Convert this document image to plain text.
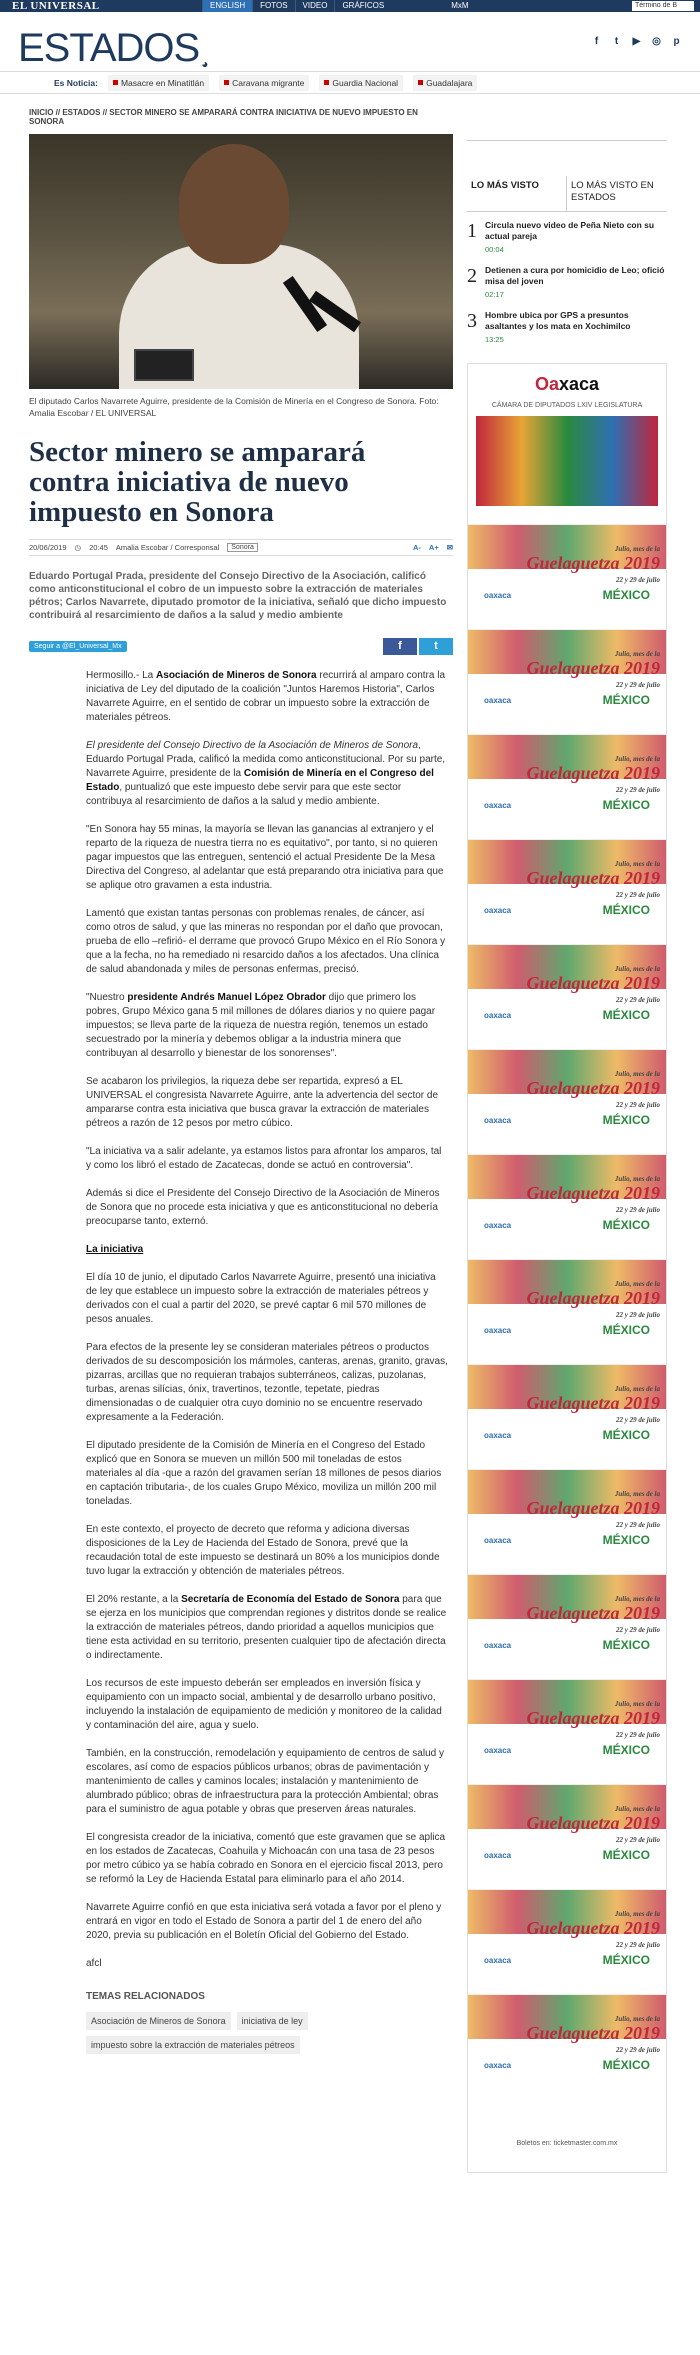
EL UNIVERSAL	ENGLISH	FOTOS	VIDEO	GRÁFICOS	MxM	Término de B
ESTADOS ◕
f	t	▶ ◎ p
Es Noticia:	Masacre en Minatitlán	Caravana migrante	Guardia Nacional	Guadalajara
INICIO // ESTADOS // SECTOR MINERO SE AMPARARÁ CONTRA INICIATIVA DE NUEVO IMPUESTO EN SONORA
El diputado Carlos Navarrete Aguirre, presidente de la Comisión de Minería en el Congreso de Sonora. Foto: Amalia Escobar / EL UNIVERSAL
Sector minero se amparará contra iniciativa de nuevo impuesto en Sonora
20/06/2019 ◷ 20:45 Amalia Escobar / Corresponsal	Sonora	A- A+ ✉
Eduardo Portugal Prada, presidente del Consejo Directivo de la Asociación, calificó como anticonstitucional el cobro de un impuesto sobre la extracción de materiales pétros; Carlos Navarrete, diputado promotor de la iniciativa, señaló que dicho impuesto contribuirá al resarcimiento de daños a la salud y medio ambiente
Seguir a @El_Universal_Mx	f	t

Hermosillo.- La Asociación de Mineros de Sonora recurrirá al amparo contra la iniciativa de Ley del diputado de la coalición "Juntos Haremos Historia", Carlos Navarrete Aguirre, en el sentido de cobrar un impuesto sobre la extracción de materiales pétreos.

El presidente del Consejo Directivo de la Asociación de Mineros de Sonora, Eduardo Portugal Prada, calificó la medida como anticonstitucional. Por su parte, Navarrete Aguirre, presidente de la Comisión de Minería en el Congreso del Estado, puntualizó que este impuesto debe servir para que este sector contribuya al resarcimiento de daños a la salud y medio ambiente.

"En Sonora hay 55 minas, la mayoría se llevan las ganancias al extranjero y el reparto de la riqueza de nuestra tierra no es equitativo", por tanto, si no quieren pagar impuestos que las entreguen, sentenció el actual Presidente De la Mesa Directiva del Congreso, al adelantar que está preparando otra iniciativa para que se aplique otro gravamen a esta industria.

Lamentó que existan tantas personas con problemas renales, de cáncer, así como otros de salud, y que las mineras no respondan por el daño que provocan, prueba de ello –refirió- el derrame que provocó Grupo México en el Río Sonora y que a la fecha, no ha remediado ni resarcido daños a los afectados. Una clínica de salud abandonada y miles de personas enfermas, precisó.

"Nuestro presidente Andrés Manuel López Obrador dijo que primero los pobres, Grupo México gana 5 mil millones de dólares diarios y no quiere pagar impuestos; se lleva parte de la riqueza de nuestra región, tenemos un estado secuestrado por la minería y debemos obligar a la industria minera que contribuyan al desarrollo y bienestar de los sonorenses".

Se acabaron los privilegios, la riqueza debe ser repartida, expresó a EL UNIVERSAL el congresista Navarrete Aguirre, ante la advertencia del sector de ampararse contra esta iniciativa que busca gravar la extracción de materiales pétreos a razón de 12 pesos por metro cúbico.

"La iniciativa va a salir adelante, ya estamos listos para afrontar los amparos, tal y como los libró el estado de Zacatecas, donde se actuó en controversia".

Además si dice el Presidente del Consejo Directivo de la Asociación de Mineros de Sonora que no procede esta iniciativa y que es anticonstitucional no debería preocuparse tanto, externó.

La iniciativa

El día 10 de junio, el diputado Carlos Navarrete Aguirre, presentó una iniciativa de ley que establece un impuesto sobre la extracción de materiales pétreos y derivados con el cual a partir del 2020, se prevé captar 6 mil 570 millones de pesos anuales.

Para efectos de la presente ley se consideran materiales pétreos o productos derivados de su descomposición los mármoles, canteras, arenas, granito, gravas, pizarras, arcillas que no requieran trabajos subterráneos, calizas, puzolanas, turbas, arenas silícias, ónix, travertinos, tezontle, tepetate, piedras dimensionadas o de cualquier otra cuyo dominio no se encuentre reservado expresamente a la Federación.

El diputado presidente de la Comisión de Minería en el Congreso del Estado explicó que en Sonora se mueven un millón 500 mil toneladas de estos materiales al día -que a razón del gravamen serían 18 millones de pesos diarios en captación tributaria-, de los cuales Grupo México, moviliza un millón 200 mil toneladas.

En este contexto, el proyecto de decreto que reforma y adiciona diversas disposiciones de la Ley de Hacienda del Estado de Sonora, prevé que la recaudación total de este impuesto se destinará un 80% a los municipios donde tuvo lugar la extracción y obtención de materiales pétreos.

El 20% restante, a la Secretaría de Economía del Estado de Sonora para que se ejerza en los municipios que comprendan regiones y distritos donde se realice la extracción de materiales pétreos, dando prioridad a aquellos municipios que tiene esta actividad en su territorio, presenten cualquier tipo de afectación directa o indirectamente.

Los recursos de este impuesto deberán ser empleados en inversión física y equipamiento con un impacto social, ambiental y de desarrollo urbano positivo, incluyendo la instalación de equipamiento de medición y monitoreo de la calidad y contaminación del aire, agua y suelo.

También, en la construcción, remodelación y equipamiento de centros de salud y escolares, así como de espacios públicos urbanos; obras de pavimentación y mantenimiento de calles y caminos locales; instalación y mantenimiento de alumbrado público; obras de infraestructura para la protección Ambiental; obras para el suministro de agua potable y obras que preserven áreas naturales.

El congresista creador de la iniciativa, comentó que este gravamen que se aplica en los estados de Zacatecas, Coahuila y Michoacán con una tasa de 23 pesos por metro cúbico ya se había cobrado en Sonora en el ejercicio fiscal 2013, pero se reformó la Ley de Hacienda Estatal para eliminarlo para el año 2014.

Navarrete Aguirre confió en que esta iniciativa será votada a favor por el pleno y entrará en vigor en todo el Estado de Sonora a partir del 1 de enero del año 2020, previa su publicación en el Boletín Oficial del Gobierno del Estado.

afcl

TEMAS RELACIONADOS
Asociación de Mineros de Sonora	iniciativa de ley
impuesto sobre la extracción de materiales pétreos
LO MÁS VISTO	LO MÁS VISTO EN ESTADOS
1 Circula nuevo video de Peña Nieto con su actual pareja
00:04
2 Detienen a cura por homicidio de Leo; ofició misa del joven
02:17
3 Hombre ubica por GPS a presuntos asaltantes y los mata en Xochimilco
13:25
Oaxaca
CÁMARA DE DIPUTADOS LXIV LEGISLATURA
Julio, mes de la
Guelaguetza 2019
22 y 29 de julio
oaxaca	MÉXICO
Julio, mes de la
Guelaguetza 2019
22 y 29 de julio
oaxaca	MÉXICO
Julio, mes de la
Guelaguetza 2019
22 y 29 de julio
oaxaca	MÉXICO
Julio, mes de la
Guelaguetza 2019
22 y 29 de julio
oaxaca	MÉXICO
Julio, mes de la
Guelaguetza 2019
22 y 29 de julio
oaxaca	MÉXICO
Julio, mes de la
Guelaguetza 2019
22 y 29 de julio
oaxaca	MÉXICO
Julio, mes de la
Guelaguetza 2019
22 y 29 de julio
oaxaca	MÉXICO
Julio, mes de la
Guelaguetza 2019
22 y 29 de julio
oaxaca	MÉXICO
Julio, mes de la
Guelaguetza 2019
22 y 29 de julio
oaxaca	MÉXICO
Julio, mes de la
Guelaguetza 2019
22 y 29 de julio
oaxaca	MÉXICO
Julio, mes de la
Guelaguetza 2019
22 y 29 de julio
oaxaca	MÉXICO
Julio, mes de la
Guelaguetza 2019
22 y 29 de julio
oaxaca	MÉXICO
Julio, mes de la
Guelaguetza 2019
22 y 29 de julio
oaxaca	MÉXICO
Julio, mes de la
Guelaguetza 2019
22 y 29 de julio
oaxaca	MÉXICO
Julio, mes de la
Guelaguetza 2019
22 y 29 de julio
oaxaca	MÉXICO
Boletos en: ticketmaster.com.mx
